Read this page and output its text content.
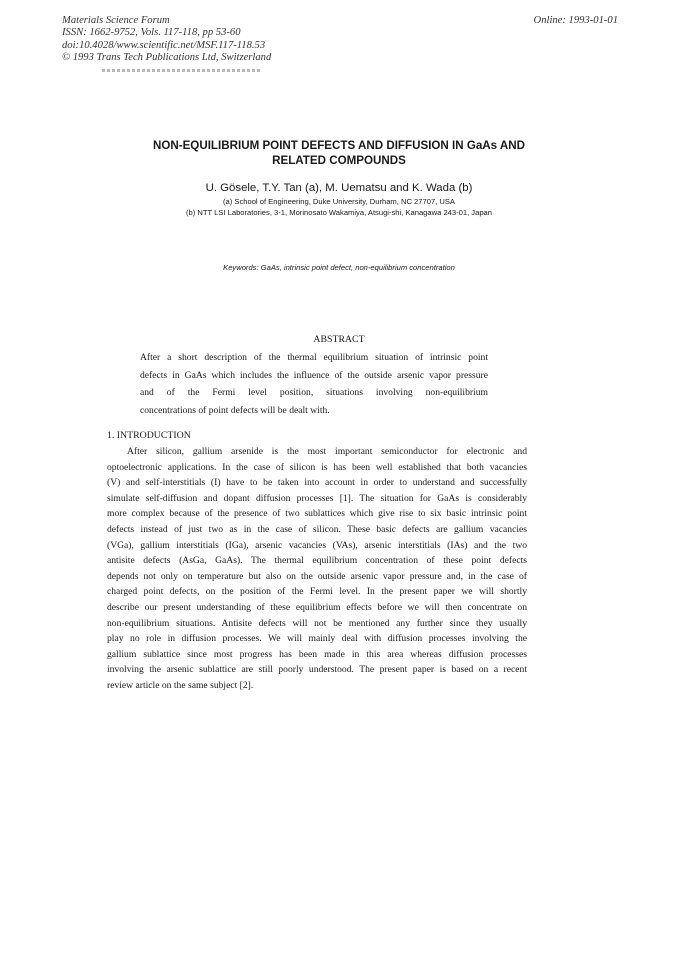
Materials Science Forum
ISSN: 1662-9752, Vols. 117-118, pp 53-60
doi:10.4028/www.scientific.net/MSF.117-118.53
© 1993 Trans Tech Publications Ltd, Switzerland
Online: 1993-01-01
NON-EQUILIBRIUM POINT DEFECTS AND DIFFUSION IN GaAs AND
RELATED COMPOUNDS
U. Gösele, T.Y. Tan (a), M. Uematsu and K. Wada (b)
(a) School of Engineering, Duke University, Durham, NC 27707, USA
(b) NTT LSI Laboratories, 3-1, Morinosato Wakamiya, Atsugi-shi, Kanagawa 243-01, Japan
Keywords: GaAs, intrinsic point defect, non-equilibrium concentration
ABSTRACT
After a short description of the thermal equilibrium situation of intrinsic point
defects in GaAs which includes the influence of the outside arsenic vapor pressure
and of the Fermi level position, situations involving non-equilibrium
concentrations of point defects will be dealt with.
1. INTRODUCTION
After silicon, gallium arsenide is the most important semiconductor for electronic and
optoelectronic applications. In the case of silicon is has been well established that both vacancies
(V) and self-interstitials (I) have to be taken into account in order to understand and successfully
simulate self-diffusion and dopant diffusion processes [1]. The situation for GaAs is considerably
more complex because of the presence of two sublattices which give rise to six basic intrinsic point
defects instead of just two as in the case of silicon. These basic defects are gallium vacancies
(VGa), gallium interstitials (IGa), arsenic vacancies (VAs), arsenic interstitials (IAs) and the two
antisite defects (AsGa, GaAs). The thermal equilibrium concentration of these point defects
depends not only on temperature but also on the outside arsenic vapor pressure and, in the case of
charged point defects, on the position of the Fermi level. In the present paper we will shortly
describe our present understanding of these equilibrium effects before we will then concentrate on
non-equilibrium situations. Antisite defects will not be mentioned any further since they usually
play no role in diffusion processes. We will mainly deal with diffusion processes involving the
gallium sublattice since most progress has been made in this area whereas diffusion processes
involving the arsenic sublattice are still poorly understood. The present paper is based on a recent
review article on the same subject [2].
